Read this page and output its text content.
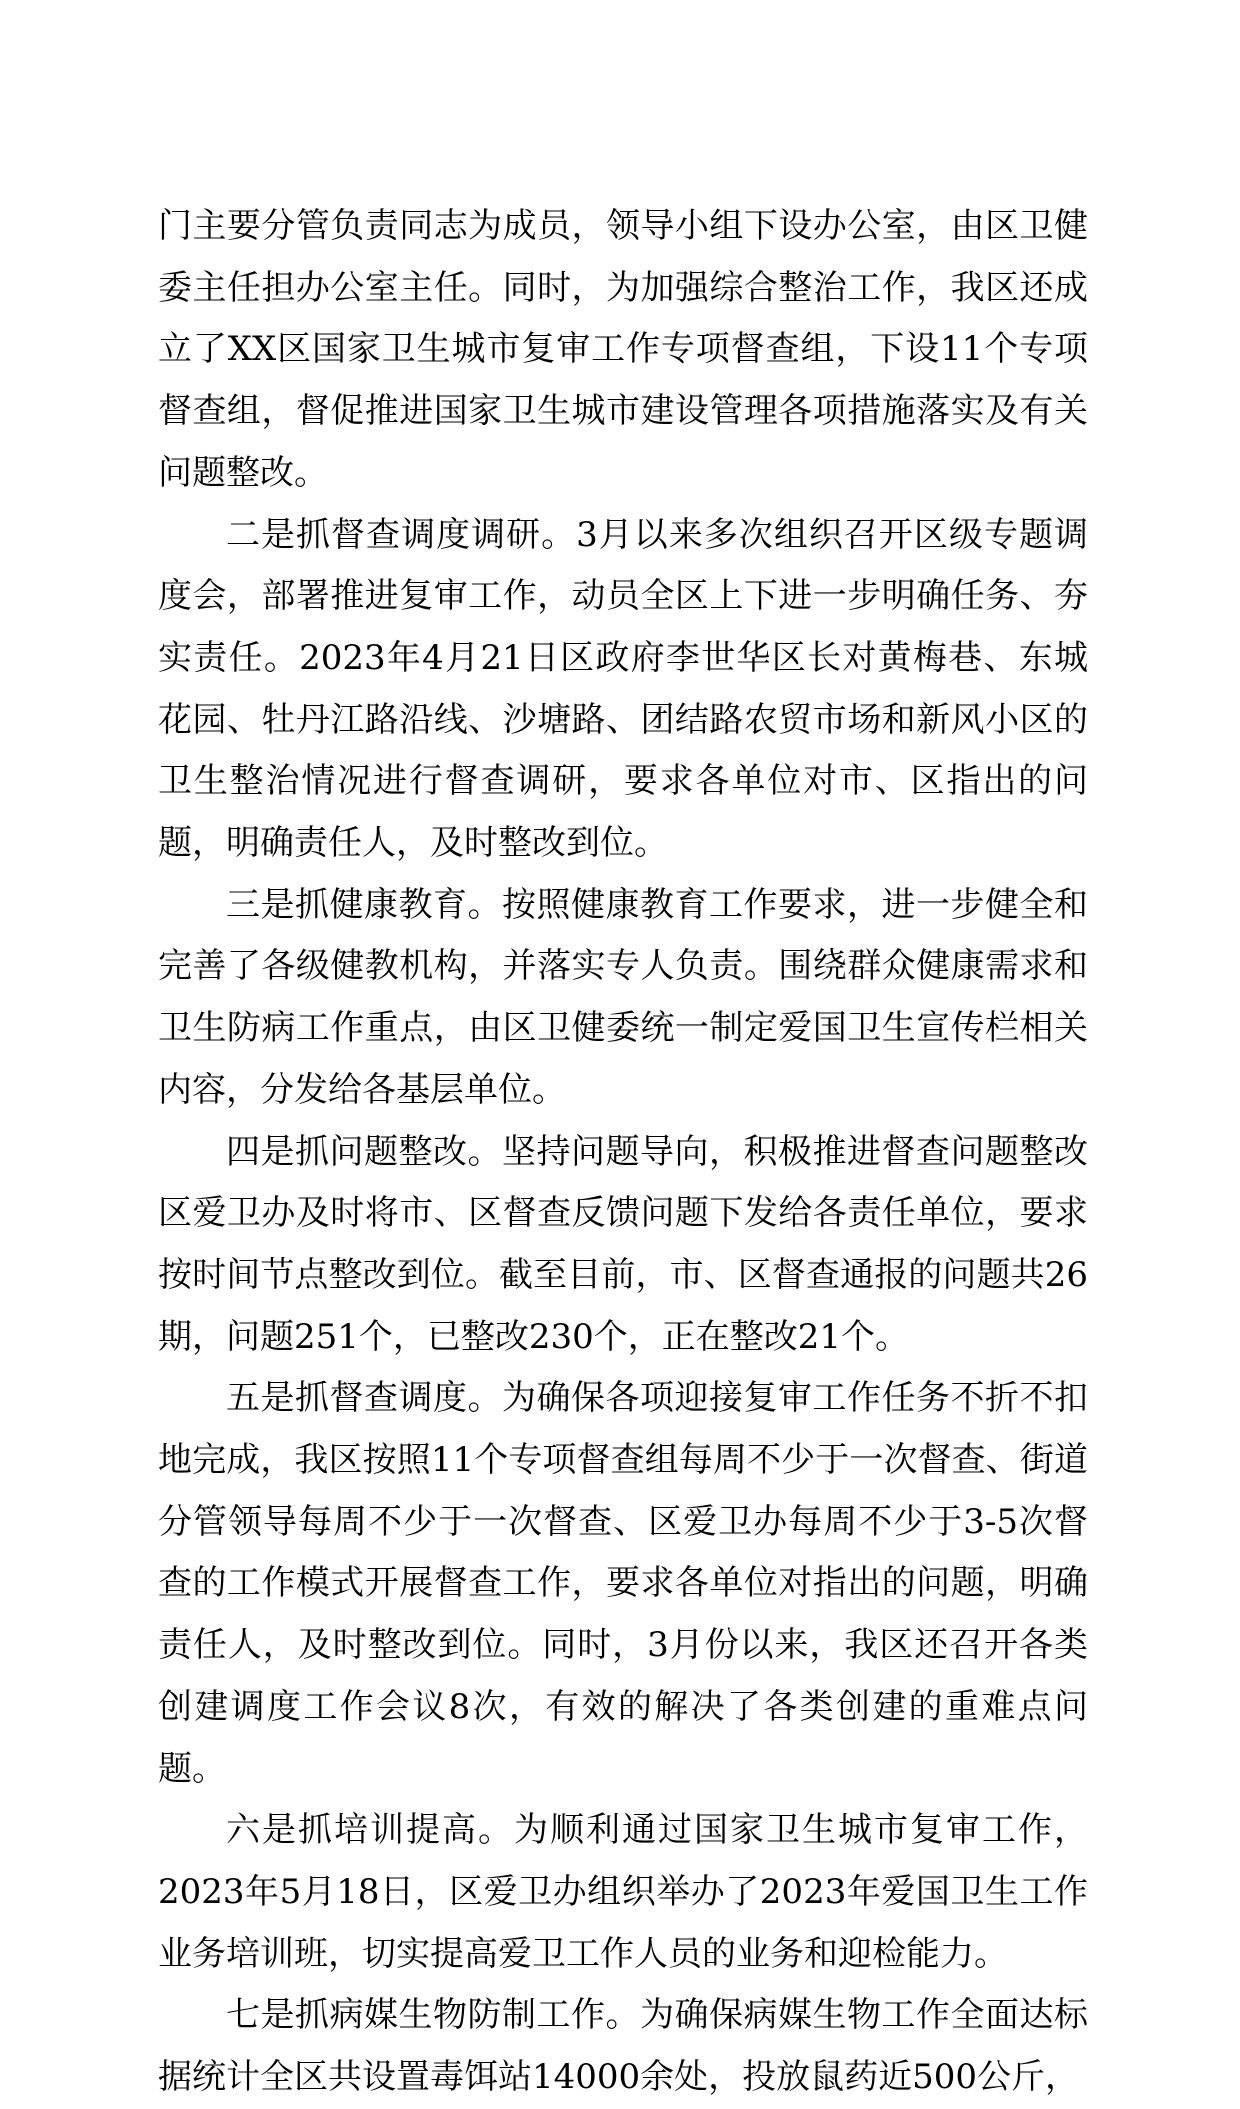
门主要分管负责同志为成员，领导小组下设办公室，由区卫健委主任担办公室主任。同时，为加强综合整治工作，我区还成立了XX区国家卫生城市复审工作专项督查组，下设11个专项督查组，督促推进国家卫生城市建设管理各项措施落实及有关问题整改。

二是抓督查调度调研。3月以来多次组织召开区级专题调度会，部署推进复审工作，动员全区上下进一步明确任务、夯实责任。2023年4月21日区政府李世华区长对黄梅巷、东城花园、牡丹江路沿线、沙塘路、团结路农贸市场和新风小区的卫生整治情况进行督查调研，要求各单位对市、区指出的问题，明确责任人，及时整改到位。

三是抓健康教育。按照健康教育工作要求，进一步健全和完善了各级健教机构，并落实专人负责。围绕群众健康需求和卫生防病工作重点，由区卫健委统一制定爱国卫生宣传栏相关内容，分发给各基层单位。

四是抓问题整改。坚持问题导向，积极推进督查问题整改区爱卫办及时将市、区督查反馈问题下发给各责任单位，要求按时间节点整改到位。截至目前，市、区督查通报的问题共26期，问题251个，已整改230个，正在整改21个。

五是抓督查调度。为确保各项迎接复审工作任务不折不扣地完成，我区按照11个专项督查组每周不少于一次督查、街道分管领导每周不少于一次督查、区爱卫办每周不少于3-5次督查的工作模式开展督查工作，要求各单位对指出的问题，明确责任人，及时整改到位。同时，3月份以来，我区还召开各类创建调度工作会议8次，有效的解决了各类创建的重难点问题。

六是抓培训提高。为顺利通过国家卫生城市复审工作，2023年5月18日，区爱卫办组织举办了2023年爱国卫生工作业务培训班，切实提高爱卫工作人员的业务和迎检能力。

七是抓病媒生物防制工作。为确保病媒生物工作全面达标据统计全区共设置毒饵站14000余处，投放鼠药近500公斤，
